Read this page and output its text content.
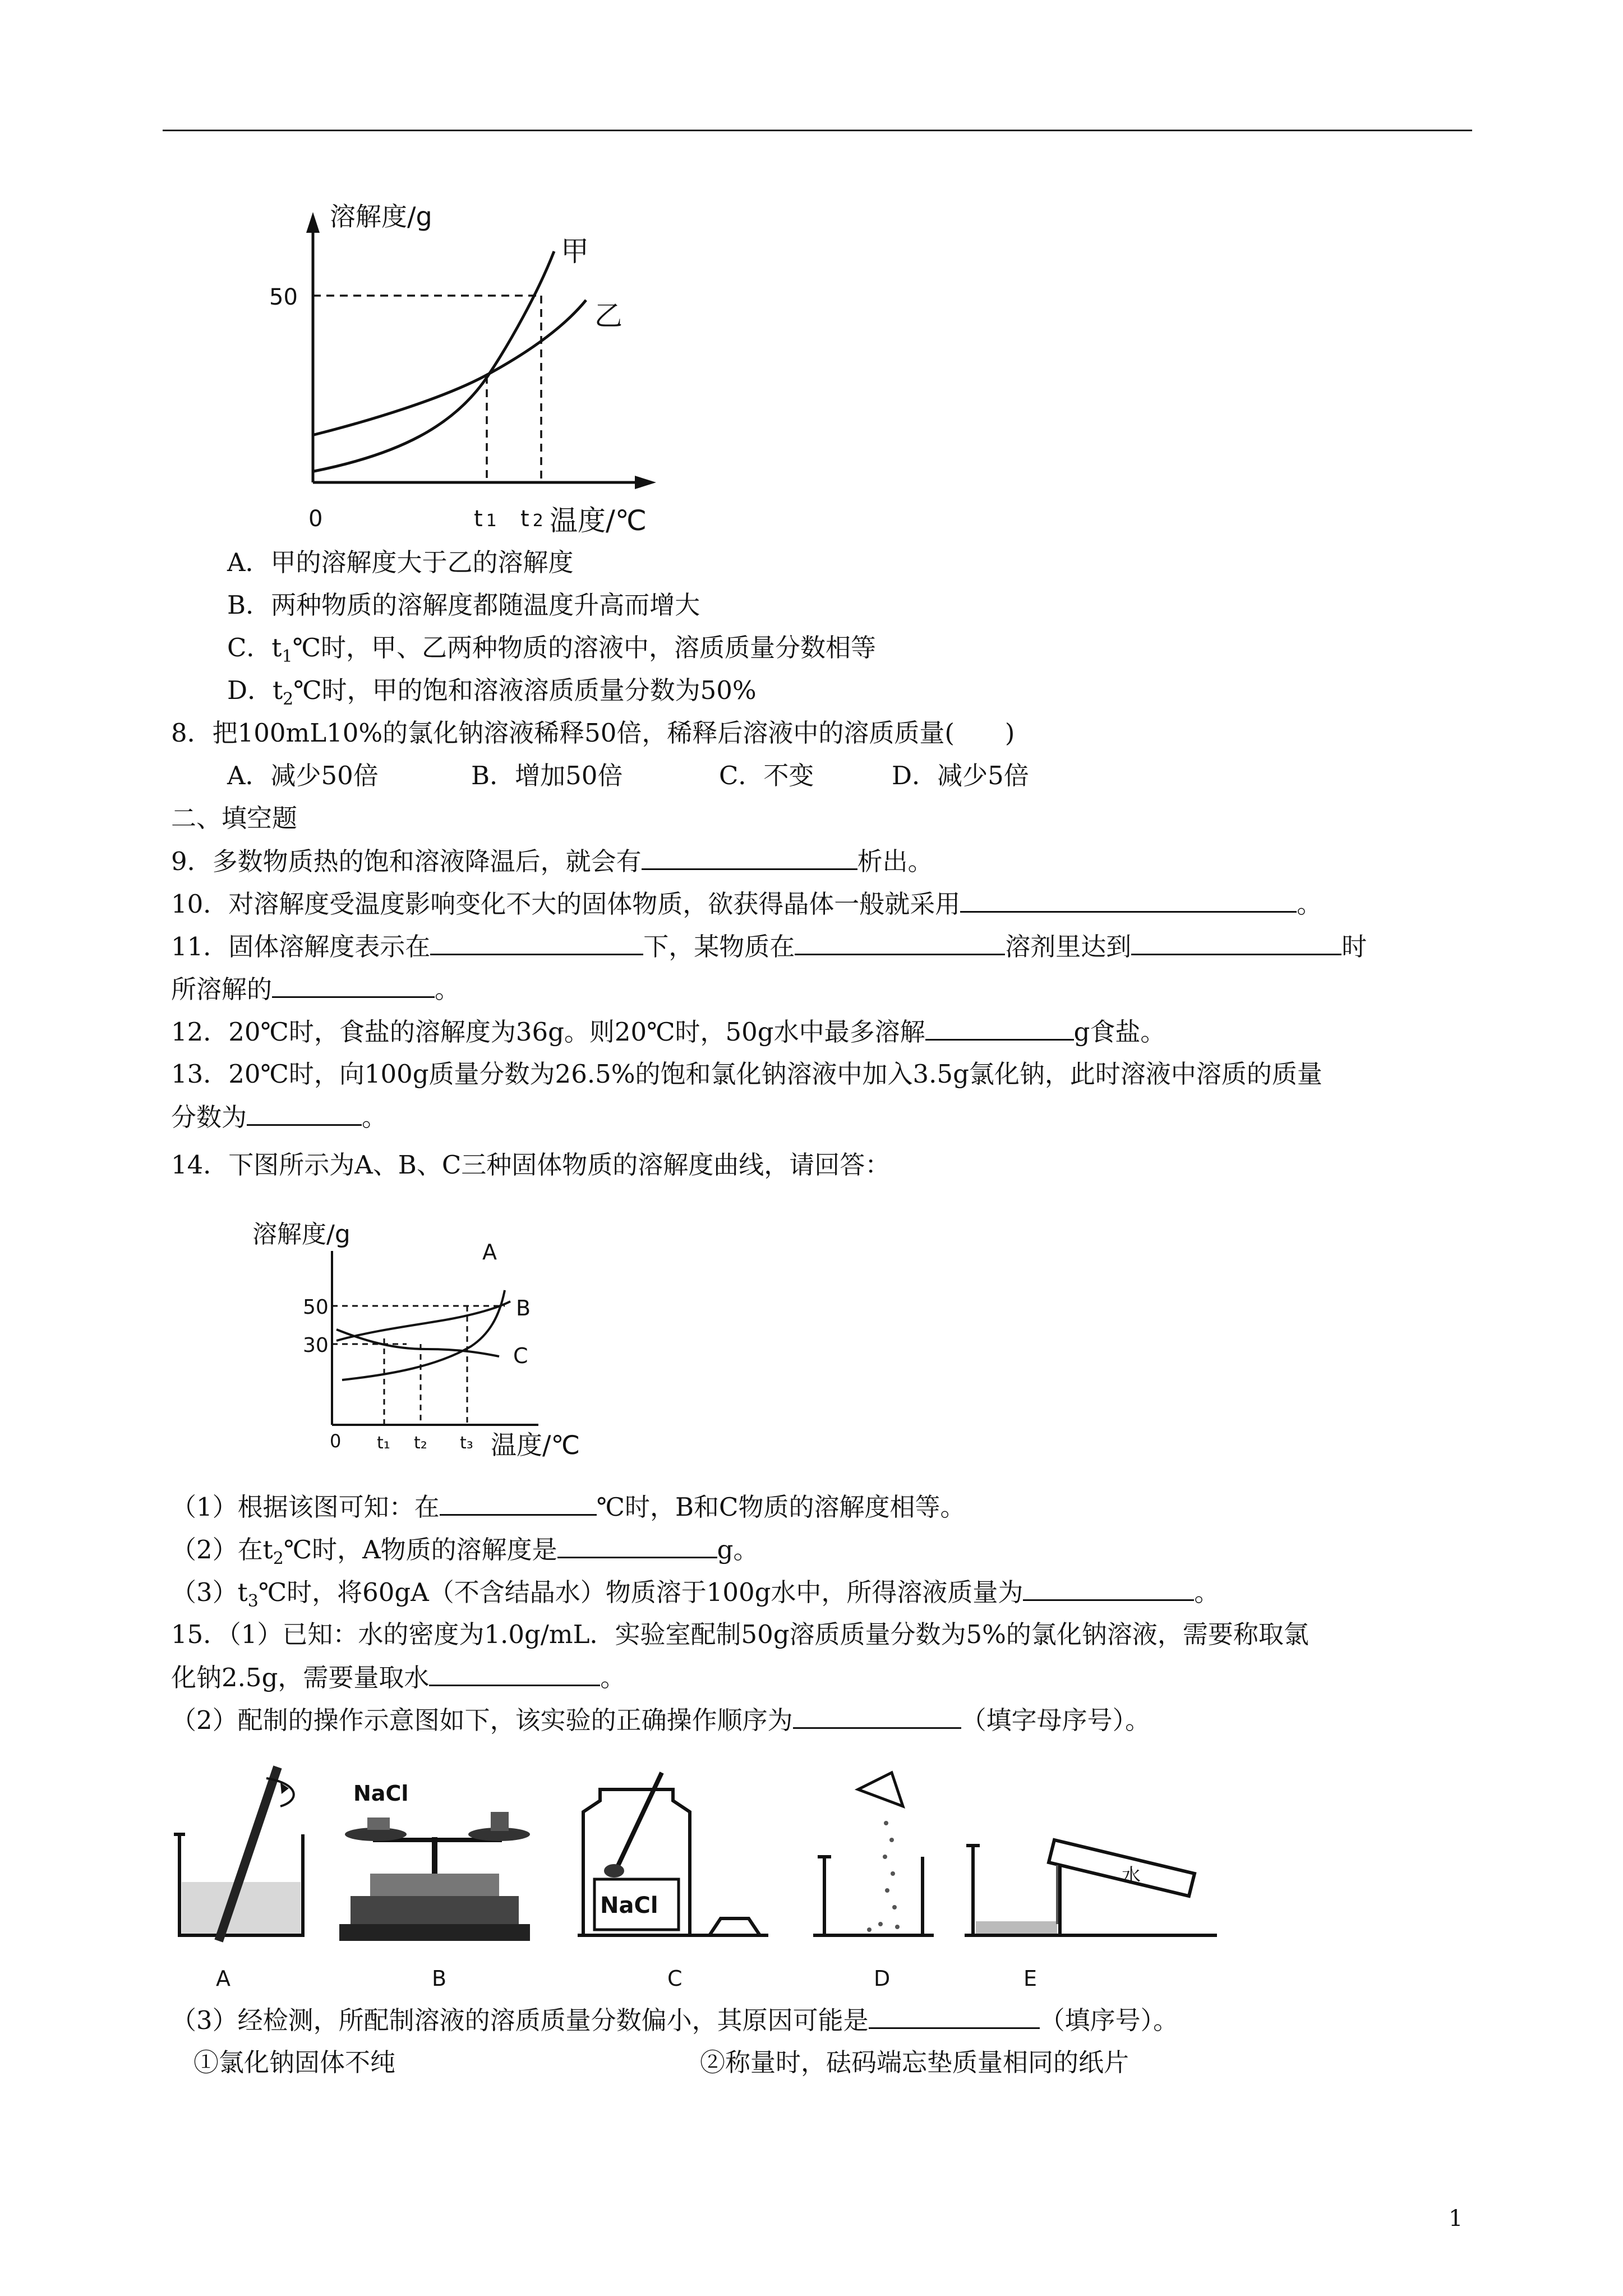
溶解度/g
50
0	t 1 t 2 温度/℃
甲
乙
A．甲的溶解度大于乙的溶解度
B．两种物质的溶解度都随温度升高而增大
C．$t_1℃$时，甲、乙两种物质的溶液中，溶质质量分数相等
D．$t_2℃$时，甲的饱和溶液溶质质量分数为50%
8．把100mL10%的氯化钠溶液稀释50倍，稀释后溶液中的溶质质量(　　)
A．减少50倍	B．增加50倍	C．不变	D．减少5倍
二、填空题
9．多数物质热的饱和溶液降温后，就会有	析出。
10．对溶解度受温度影响变化不大的固体物质，欲获得晶体一般就采用	。
11．固体溶解度表示在	下，某物质在	溶剂里达到	时
所溶解的	。
12．20℃时，食盐的溶解度为36g。则20℃时，50g水中最多溶解	g食盐。
13．20℃时，向100g质量分数为26.5%的饱和氯化钠溶液中加入3.5g氯化钠，此时溶液中溶质的质量
分数为	。
14．下图所示为A、B、C三种固体物质的溶解度曲线，请回答：
溶解度/g
50
30
0 t₁ t₂ t₃ 温度/℃
A
B
C
（1）根据该图可知：在	℃时，B和C物质的溶解度相等。
（2）在$t_2℃$时，A物质的溶解度是	g。
$(3)t_3℃$时，将60gA（不含结晶水）物质溶于100g水中，所得溶液质量为	。
15．（1）已知：水的密度为1.0g/mL．实验室配制50g溶质质量分数为5%的氯化钠溶液，需要称取氯
化钠2.5g，需要量取水	。
（2）配制的操作示意图如下，该实验的正确操作顺序为	（填字母序号）。
NaCl
NaCl
水
A	B	C	D	E
（3）经检测，所配制溶液的溶质质量分数偏小，其原因可能是	（填序号）。
①氯化钠固体不纯	②称量时，砝码端忘垫质量相同的纸片
1
